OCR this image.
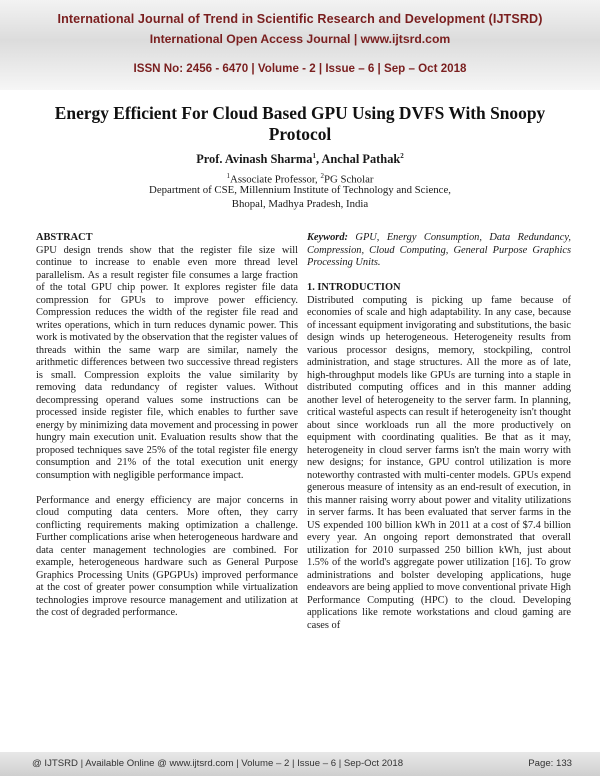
International Journal of Trend in Scientific Research and Development (IJTSRD)
International Open Access Journal | www.ijtsrd.com
ISSN No: 2456 - 6470 | Volume - 2 | Issue – 6 | Sep – Oct 2018
Energy Efficient For Cloud Based GPU Using DVFS With Snoopy Protocol
Prof. Avinash Sharma$^1$, Anchal Pathak$^2$
$^1$Associate Professor, $^2$PG Scholar
Department of CSE, Millennium Institute of Technology and Science,
Bhopal, Madhya Pradesh, India

ABSTRACT

GPU design trends show that the register file size will continue to increase to enable even more thread level parallelism. As a result register file consumes a large fraction of the total GPU chip power. It explores register file data compression for GPUs to improve power efficiency. Compression reduces the width of the register file read and writes operations, which in turn reduces dynamic power. This work is motivated by the observation that the register values of threads within the same warp are similar, namely the arithmetic differences between two successive thread registers is small. Compression exploits the value similarity by removing data redundancy of register values. Without decompressing operand values some instructions can be processed inside register file, which enables to further save energy by minimizing data movement and processing in power hungry main execution unit. Evaluation results show that the proposed techniques save 25% of the total register file energy consumption and 21% of the total execution unit energy consumption with negligible performance impact.

Performance and energy efficiency are major concerns in cloud computing data centers. More often, they carry conflicting requirements making optimization a challenge. Further complications arise when heterogeneous hardware and data center management technologies are combined. For example, heterogeneous hardware such as General Purpose Graphics Processing Units (GPGPUs) improved performance at the cost of greater power consumption while virtualization technologies improve resource management and utilization at the cost of degraded performance.

Keyword: GPU, Energy Consumption, Data Redundancy, Compression, Cloud Computing, General Purpose Graphics Processing Units.

1. INTRODUCTION

Distributed computing is picking up fame because of economies of scale and high adaptability. In any case, because of incessant equipment invigorating and substitutions, the basic design winds up heterogeneous. Heterogeneity results from various processor designs, memory, stockpiling, control administration, and stage structures. All the more as of late, high-throughput models like GPUs are turning into a staple in distributed computing offices and in this manner adding another level of heterogeneity to the server farm. In planning, critical wasteful aspects can result if heterogeneity isn't thought about since workloads run all the more productively on equipment with coordinating qualities. Be that as it may, heterogeneity in cloud server farms isn't the main worry with new designs; for instance, GPU control utilization is more noteworthy contrasted with multi-center models. GPUs expend generous measure of intensity as an end-result of execution, in this manner raising worry about power and vitality utilizations in server farms. It has been evaluated that server farms in the US expended 100 billion kWh in 2011 at a cost of $7.4 billion every year. An ongoing report demonstrated that overall utilization for 2010 surpassed 250 billion kWh, just about 1.5% of the world's aggregate power utilization [16]. To grow administrations and bolster developing applications, huge endeavors are being applied to move conventional private High Performance Computing (HPC) to the cloud. Developing applications like remote workstations and cloud gaming are cases of

@ IJTSRD | Available Online @ www.ijtsrd.com | Volume – 2 | Issue – 6 | Sep-Oct 2018	Page: 133
